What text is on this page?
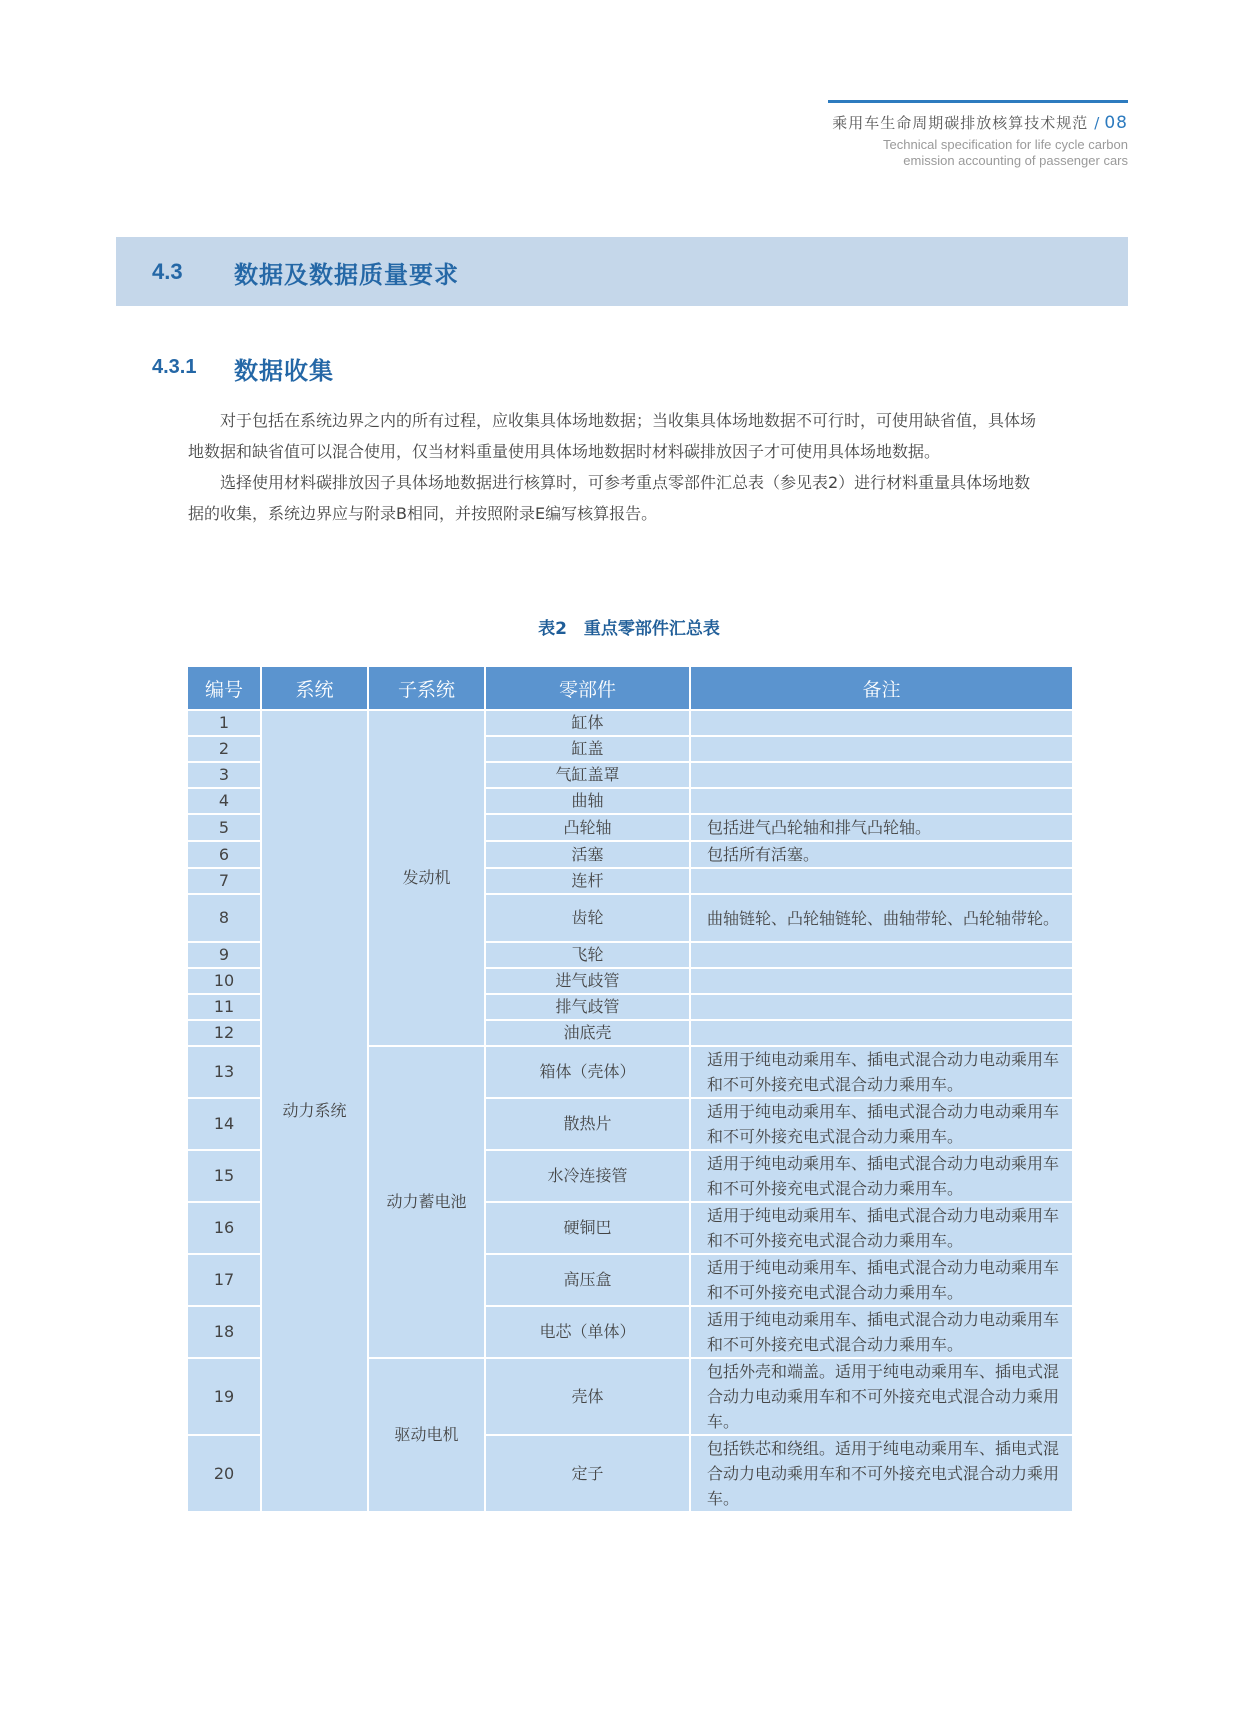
乘用车生命周期碳排放核算技术规范 / 08
Technical specification for life cycle carbon
emission accounting of passenger cars
4.3 数据及数据质量要求
4.3.1 数据收集

对于包括在系统边界之内的所有过程，应收集具体场地数据；当收集具体场地数据不可行时，可使用缺省值，具体场地数据和缺省值可以混合使用，仅当材料重量使用具体场地数据时材料碳排放因子才可使用具体场地数据。

选择使用材料碳排放因子具体场地数据进行核算时，可参考重点零部件汇总表（参见表2）进行材料重量具体场地数据的收集，系统边界应与附录B相同，并按照附录E编写核算报告。

表2　重点零部件汇总表
编号	系统	子系统	零部件	备注
1	动力系统	发动机	缸体	
2			缸盖	
3			气缸盖罩	
4			曲轴	
5			凸轮轴	包括进气凸轮轴和排气凸轮轴。
6			活塞	包括所有活塞。
7			连杆	
8			齿轮	曲轴链轮、凸轮轴链轮、曲轴带轮、凸轮轴带轮。
9			飞轮	
10			进气歧管	
11			排气歧管	
12			油底壳	
13		动力蓄电池	箱体（壳体）	适用于纯电动乘用车、插电式混合动力电动乘用车和不可外接充电式混合动力乘用车。
14			散热片	适用于纯电动乘用车、插电式混合动力电动乘用车和不可外接充电式混合动力乘用车。
15			水冷连接管	适用于纯电动乘用车、插电式混合动力电动乘用车和不可外接充电式混合动力乘用车。
16			硬铜巴	适用于纯电动乘用车、插电式混合动力电动乘用车和不可外接充电式混合动力乘用车。
17			高压盒	适用于纯电动乘用车、插电式混合动力电动乘用车和不可外接充电式混合动力乘用车。
18			电芯（单体）	适用于纯电动乘用车、插电式混合动力电动乘用车和不可外接充电式混合动力乘用车。
19		驱动电机	壳体	包括外壳和端盖。适用于纯电动乘用车、插电式混合动力电动乘用车和不可外接充电式混合动力乘用车。
20			定子	包括铁芯和绕组。适用于纯电动乘用车、插电式混合动力电动乘用车和不可外接充电式混合动力乘用车。
